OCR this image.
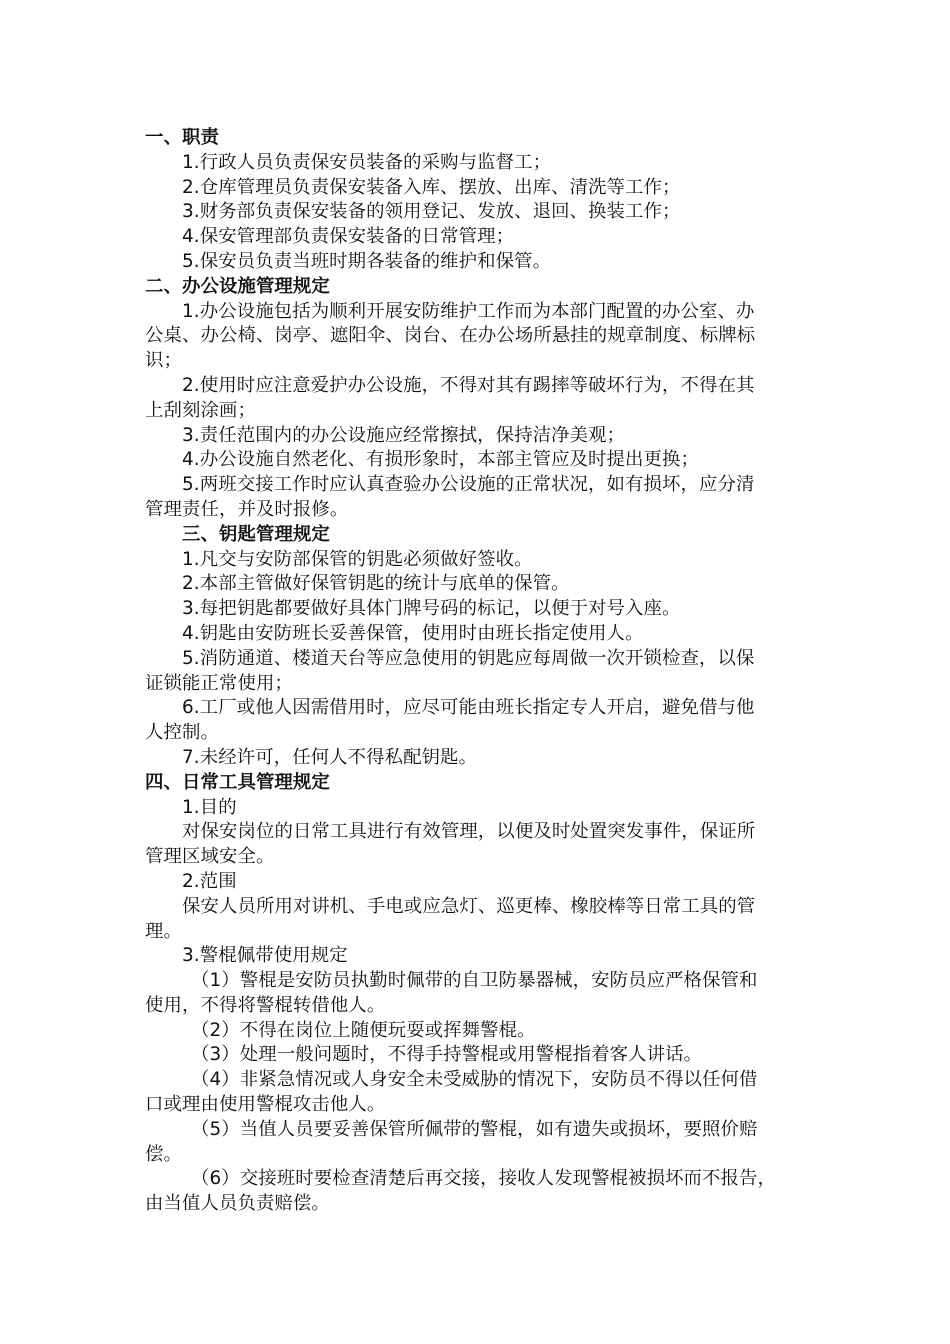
一、职责
1.行政人员负责保安员装备的采购与监督工；
2.仓库管理员负责保安装备入库、摆放、出库、清洗等工作；
3.财务部负责保安装备的领用登记、发放、退回、换装工作；
4.保安管理部负责保安装备的日常管理；
5.保安员负责当班时期各装备的维护和保管。
二、办公设施管理规定
1.办公设施包括为顺利开展安防维护工作而为本部门配置的办公室、办
公桌、办公椅、岗亭、遮阳伞、岗台、在办公场所悬挂的规章制度、标牌标
识；
2.使用时应注意爱护办公设施，不得对其有踢摔等破坏行为，不得在其
上刮刻涂画；
3.责任范围内的办公设施应经常擦拭，保持洁净美观；
4.办公设施自然老化、有损形象时，本部主管应及时提出更换；
5.两班交接工作时应认真查验办公设施的正常状况，如有损坏，应分清
管理责任，并及时报修。
三、钥匙管理规定
1.凡交与安防部保管的钥匙必须做好签收。
2.本部主管做好保管钥匙的统计与底单的保管。
3.每把钥匙都要做好具体门牌号码的标记，以便于对号入座。
4.钥匙由安防班长妥善保管，使用时由班长指定使用人。
5.消防通道、楼道天台等应急使用的钥匙应每周做一次开锁检查，以保
证锁能正常使用；
6.工厂或他人因需借用时，应尽可能由班长指定专人开启，避免借与他
人控制。
7.未经许可，任何人不得私配钥匙。
四、日常工具管理规定
1.目的
对保安岗位的日常工具进行有效管理，以便及时处置突发事件，保证所
管理区域安全。
2.范围
保安人员所用对讲机、手电或应急灯、巡更棒、橡胶棒等日常工具的管
理。
3.警棍佩带使用规定
（1）警棍是安防员执勤时佩带的自卫防暴器械，安防员应严格保管和
使用，不得将警棍转借他人。
（2）不得在岗位上随便玩耍或挥舞警棍。
（3）处理一般问题时，不得手持警棍或用警棍指着客人讲话。
（4）非紧急情况或人身安全未受威胁的情况下，安防员不得以任何借
口或理由使用警棍攻击他人。
（5）当值人员要妥善保管所佩带的警棍，如有遗失或损坏，要照价赔
偿。
（6）交接班时要检查清楚后再交接，接收人发现警棍被损坏而不报告，
由当值人员负责赔偿。
